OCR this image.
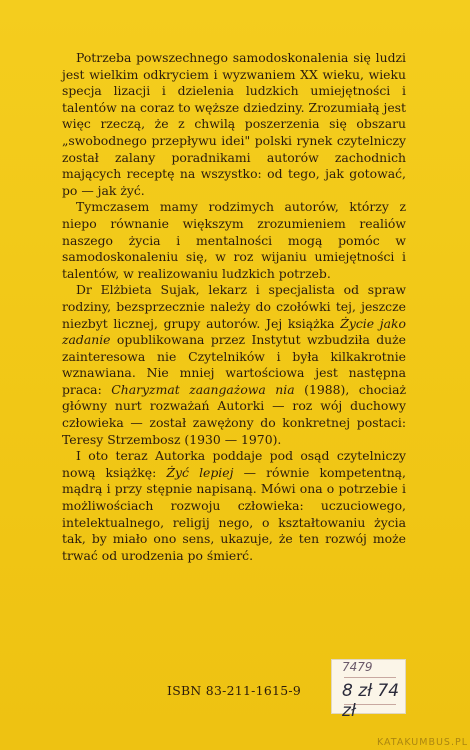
Potrzeba powszechnego samodoskonalenia się ludzi jest wielkim odkryciem i wyzwaniem XX wieku, wieku specja lizacji i dzielenia ludzkich umiejętności i talentów na coraz to węższe dziedziny. Zrozumiałą jest więc rzeczą, że z chwilą poszerzenia się obszaru „swobodnego przepływu idei" polski rynek czytelniczy został zalany poradnikami autorów zachodnich mających receptę na wszystko: od tego, jak gotować, po — jak żyć.

Tymczasem mamy rodzimych autorów, którzy z niepo równanie większym zrozumieniem realiów naszego życia i mentalności mogą pomóc w samodoskonaleniu się, w roz wijaniu umiejętności i talentów, w realizowaniu ludzkich potrzeb.

Dr Elżbieta Sujak, lekarz i specjalista od spraw rodziny, bezsprzecznie należy do czołówki tej, jeszcze niezbyt licznej, grupy autorów. Jej książka Życie jako zadanie opublikowana przez Instytut wzbudziła duże zainteresowa nie Czytelników i była kilkakrotnie wznawiana. Nie mniej wartościowa jest następna praca: Charyzmat zaangażowa nia (1988), chociaż główny nurt rozważań Autorki — roz wój duchowy człowieka — został zawężony do konkretnej postaci: Teresy Strzembosz (1930 — 1970).

I oto teraz Autorka poddaje pod osąd czytelniczy nową książkę: Żyć lepiej — równie kompetentną, mądrą i przy stępnie napisaną. Mówi ona o potrzebie i możliwościach rozwoju człowieka: uczuciowego, intelektualnego, religij nego, o kształtowaniu życia tak, by miało ono sens, ukazuje, że ten rozwój może trwać od urodzenia po śmierć.

ISBN 83-211-1615-9
7479
8 zł 74 zł
KATAKUMBUS.PL
